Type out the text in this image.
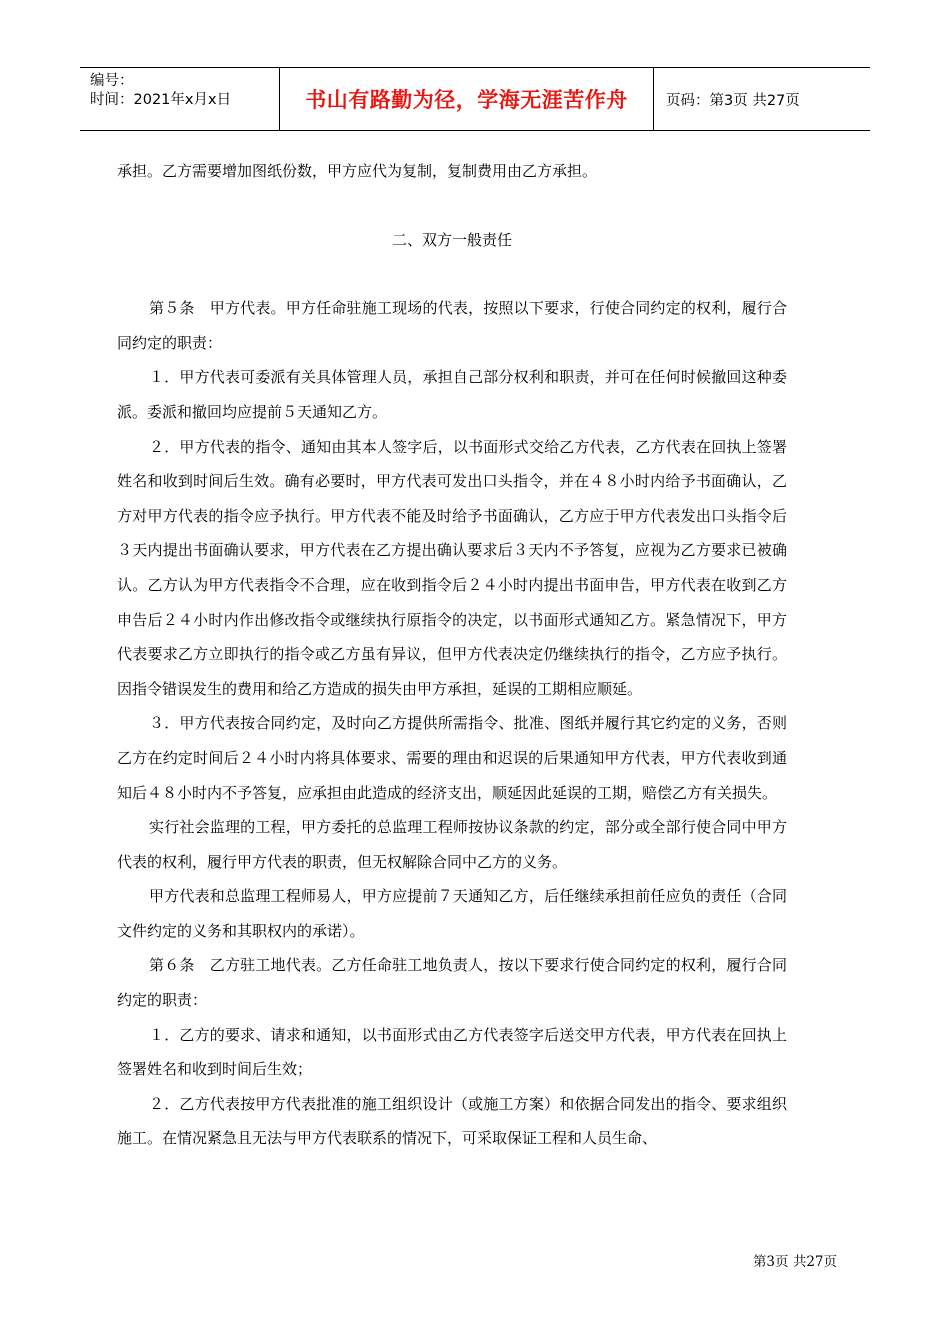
编号：
时间：2021年x月x日	书山有路勤为径，学海无涯苦作舟	页码：第3页 共27页

承担。乙方需要增加图纸份数，甲方应代为复制，复制费用由乙方承担。

二、双方一般责任

第５条　甲方代表。甲方任命驻施工现场的代表，按照以下要求，行使合同约定的权利，履行合同约定的职责：

１．甲方代表可委派有关具体管理人员，承担自己部分权利和职责，并可在任何时候撤回这种委派。委派和撤回均应提前５天通知乙方。

２．甲方代表的指令、通知由其本人签字后，以书面形式交给乙方代表，乙方代表在回执上签署姓名和收到时间后生效。确有必要时，甲方代表可发出口头指令，并在４８小时内给予书面确认，乙方对甲方代表的指令应予执行。甲方代表不能及时给予书面确认，乙方应于甲方代表发出口头指令后３天内提出书面确认要求，甲方代表在乙方提出确认要求后３天内不予答复，应视为乙方要求已被确认。乙方认为甲方代表指令不合理，应在收到指令后２４小时内提出书面申告，甲方代表在收到乙方申告后２４小时内作出修改指令或继续执行原指令的决定，以书面形式通知乙方。紧急情况下，甲方代表要求乙方立即执行的指令或乙方虽有异议，但甲方代表决定仍继续执行的指令，乙方应予执行。因指令错误发生的费用和给乙方造成的损失由甲方承担，延误的工期相应顺延。

３．甲方代表按合同约定，及时向乙方提供所需指令、批准、图纸并履行其它约定的义务，否则乙方在约定时间后２４小时内将具体要求、需要的理由和迟误的后果通知甲方代表，甲方代表收到通知后４８小时内不予答复，应承担由此造成的经济支出，顺延因此延误的工期，赔偿乙方有关损失。

实行社会监理的工程，甲方委托的总监理工程师按协议条款的约定，部分或全部行使合同中甲方代表的权利，履行甲方代表的职责，但无权解除合同中乙方的义务。

甲方代表和总监理工程师易人，甲方应提前７天通知乙方，后任继续承担前任应负的责任（合同文件约定的义务和其职权内的承诺）。

第６条　乙方驻工地代表。乙方任命驻工地负责人，按以下要求行使合同约定的权利，履行合同约定的职责：

１．乙方的要求、请求和通知，以书面形式由乙方代表签字后送交甲方代表，甲方代表在回执上签署姓名和收到时间后生效；

２．乙方代表按甲方代表批准的施工组织设计（或施工方案）和依据合同发出的指令、要求组织施工。在情况紧急且无法与甲方代表联系的情况下，可采取保证工程和人员生命、

第3页 共27页
